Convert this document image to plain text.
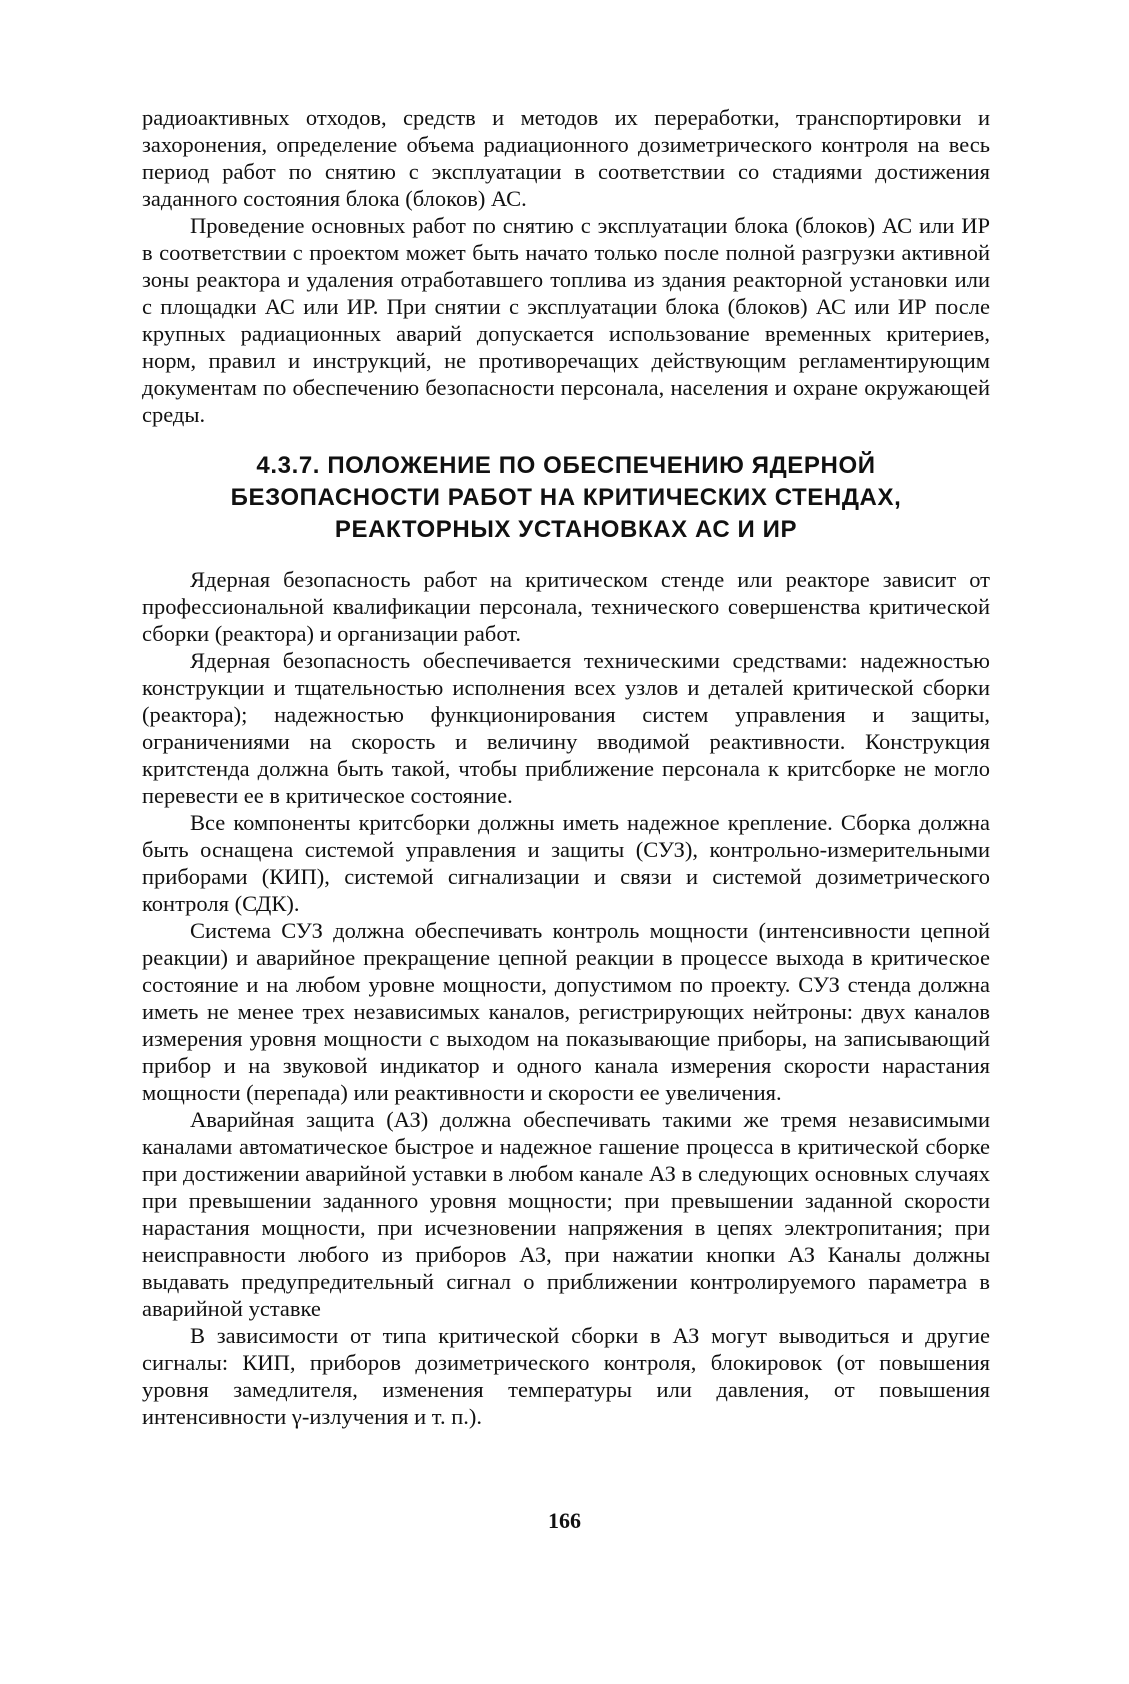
радиоактивных отходов, средств и методов их переработки, транспортировки и захоронения, определение объема радиационного дозиметрического контроля на весь период работ по снятию с эксплуатации в соответствии со стадиями достижения заданного состояния блока (блоков) АС.

Проведение основных работ по снятию с эксплуатации блока (блоков) АС или ИР в соответствии с проектом может быть начато только после полной разгрузки активной зоны реактора и удаления отработавшего топлива из здания реакторной установки или с площадки АС или ИР. При снятии с эксплуатации блока (блоков) АС или ИР после крупных радиационных аварий допускается использование временных критериев, норм, правил и инструкций, не противоречащих действующим регламентирующим документам по обеспечению безопасности персонала, населения и охране окружающей среды.

4.3.7. ПОЛОЖЕНИЕ ПО ОБЕСПЕЧЕНИЮ ЯДЕРНОЙ
БЕЗОПАСНОСТИ РАБОТ НА КРИТИЧЕСКИХ СТЕНДАХ,
РЕАКТОРНЫХ УСТАНОВКАХ АС И ИР

Ядерная безопасность работ на критическом стенде или реакторе зависит от профессиональной квалификации персонала, технического совершенства критической сборки (реактора) и организации работ.

Ядерная безопасность обеспечивается техническими средствами: надежностью конструкции и тщательностью исполнения всех узлов и деталей критической сборки (реактора); надежностью функционирования систем управления и защиты, ограничениями на скорость и величину вводимой реактивности. Конструкция критстенда должна быть такой, чтобы приближение персонала к критсборке не могло перевести ее в критическое состояние.

Все компоненты критсборки должны иметь надежное крепление. Сборка должна быть оснащена системой управления и защиты (СУЗ), контрольно-измерительными приборами (КИП), системой сигнализации и связи и системой дозиметрического контроля (СДК).

Система СУЗ должна обеспечивать контроль мощности (интенсивности цепной реакции) и аварийное прекращение цепной реакции в процессе выхода в критическое состояние и на любом уровне мощности, допустимом по проекту. СУЗ стенда должна иметь не менее трех независимых каналов, регистрирующих нейтроны: двух каналов измерения уровня мощности с выходом на показывающие приборы, на записывающий прибор и на звуковой индикатор и одного канала измерения скорости нарастания мощности (перепада) или реактивности и скорости ее увеличения.

Аварийная защита (АЗ) должна обеспечивать такими же тремя независимыми каналами автоматическое быстрое и надежное гашение процесса в критической сборке при достижении аварийной уставки в любом канале АЗ в следующих основных случаях при превышении заданного уровня мощности; при превышении заданной скорости нарастания мощности, при исчезновении напряжения в цепях электропитания; при неисправности любого из приборов АЗ, при нажатии кнопки АЗ Каналы должны выдавать предупредительный сигнал о приближении контролируемого параметра в аварийной уставке

В зависимости от типа критической сборки в АЗ могут выводиться и другие сигналы: КИП, приборов дозиметрического контроля, блокировок (от повышения уровня замедлителя, изменения температуры или давления, от повышения интенсивности γ-излучения и т. п.).

166
